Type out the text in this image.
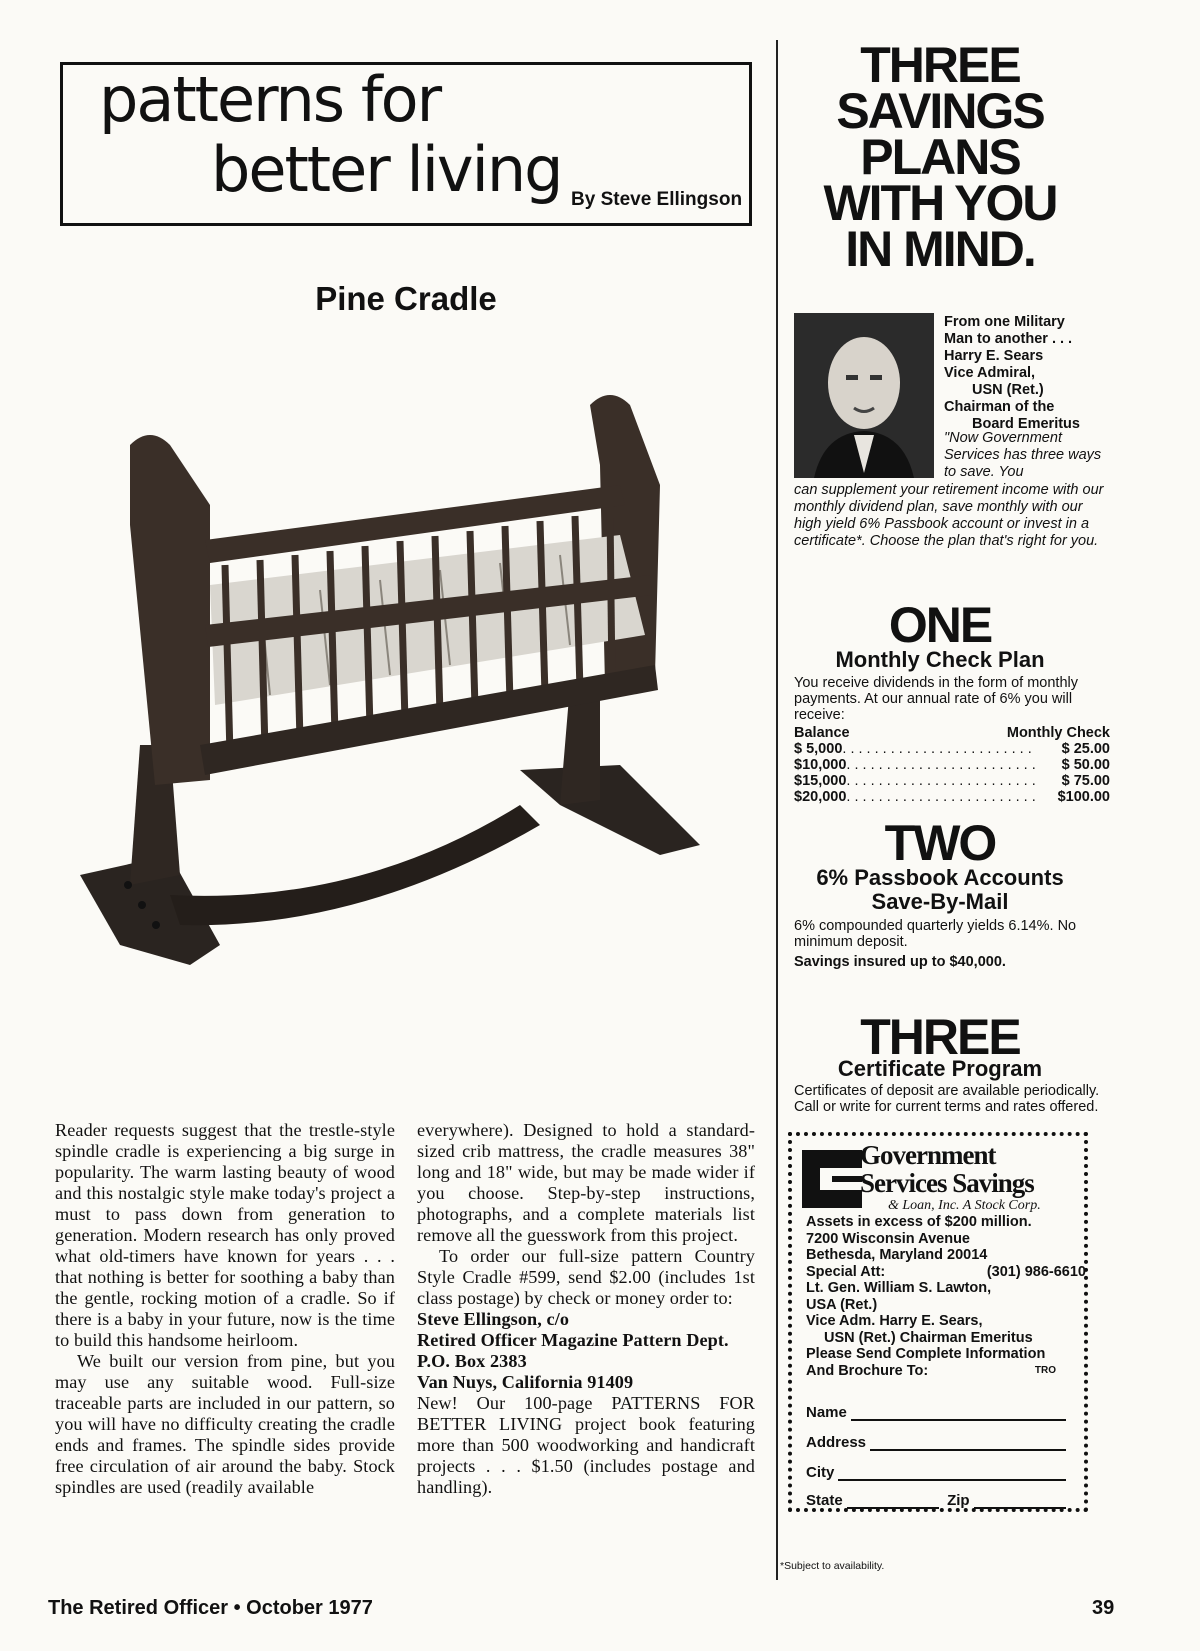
patterns for
better living By Steve Ellingson
Pine Cradle

Reader requests suggest that the trestle-style spindle cradle is experiencing a big surge in popularity. The warm lasting beauty of wood and this nostalgic style make today's project a must to pass down from generation to generation. Modern research has only proved what old-timers have known for years . . . that nothing is better for soothing a baby than the gentle, rocking motion of a cradle. So if there is a baby in your future, now is the time to build this handsome heirloom.

We built our version from pine, but you may use any suitable wood. Full-size traceable parts are included in our pattern, so you will have no difficulty creating the cradle ends and frames. The spindle sides provide free circulation of air around the baby. Stock spindles are used (readily available

everywhere). Designed to hold a standard-sized crib mattress, the cradle measures 38" long and 18" wide, but may be made wider if you choose. Step-by-step instructions, photographs, and a complete materials list remove all the guesswork from this project.

To order our full-size pattern Country Style Cradle #599, send $2.00 (includes 1st class postage) by check or money order to:

Steve Ellingson, c/o

Retired Officer Magazine Pattern Dept.

P.O. Box 2383

Van Nuys, California 91409

New! Our 100-page PATTERNS FOR BETTER LIVING project book featuring more than 500 woodworking and handicraft projects . . . $1.50 (includes postage and handling).

THREE
SAVINGS
PLANS
WITH YOU
IN MIND.
From one Military
Man to another . . .
Harry E. Sears
Vice Admiral,
USN (Ret.)
Chairman of the
Board Emeritus
"Now Government Services has three ways to save. You
can supplement your retirement income with our monthly dividend plan, save monthly with our high yield 6% Passbook account or invest in a certificate*. Choose the plan that's right for you.
ONE
Monthly Check Plan
You receive dividends in the form of monthly payments. At our annual rate of 6% you will receive:
Balance	Monthly Check
$ 5,000 . . . . . . . . . . . . . . . . . . . . . . . .	$ 25.00
$10,000 . . . . . . . . . . . . . . . . . . . . . . . .	$ 50.00
$15,000 . . . . . . . . . . . . . . . . . . . . . . . .	$ 75.00
$20,000 . . . . . . . . . . . . . . . . . . . . . . . .	$100.00
TWO
6% Passbook Accounts
Save-By-Mail
6% compounded quarterly yields 6.14%. No minimum deposit.
Savings insured up to $40,000.
THREE
Certificate Program
Certificates of deposit are available periodically. Call or write for current terms and rates offered.
Government
Services Savings
& Loan, Inc. A Stock Corp.
Assets in excess of $200 million.
7200 Wisconsin Avenue
Bethesda, Maryland 20014
Special Att:	(301) 986-6610
Lt. Gen. William S. Lawton,
USA (Ret.)
Vice Adm. Harry E. Sears,
USN (Ret.) Chairman Emeritus
Please Send Complete Information
And Brochure To:	TRO
Name
Address
City
State	Zip
*Subject to availability.
The Retired Officer • October 1977	39
